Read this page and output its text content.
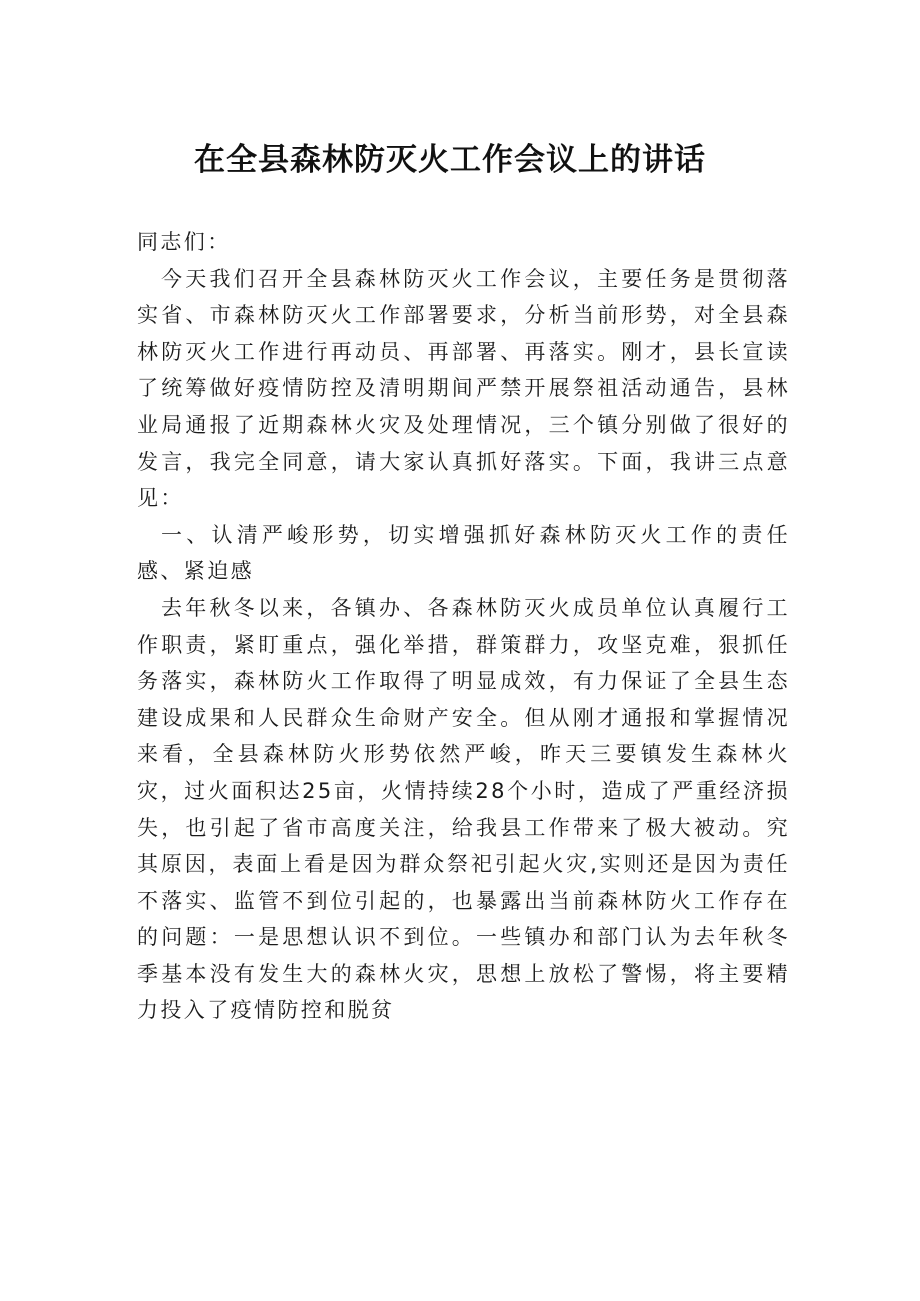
在全县森林防灭火工作会议上的讲话

同志们：

今天我们召开全县森林防灭火工作会议，主要任务是贯彻落实省、市森林防灭火工作部署要求，分析当前形势，对全县森林防灭火工作进行再动员、再部署、再落实。刚才，县长宣读了统筹做好疫情防控及清明期间严禁开展祭祖活动通告，县林业局通报了近期森林火灾及处理情况，三个镇分别做了很好的发言，我完全同意，请大家认真抓好落实。下面，我讲三点意见：

一、认清严峻形势，切实增强抓好森林防灭火工作的责任感、紧迫感

去年秋冬以来，各镇办、各森林防灭火成员单位认真履行工作职责，紧盯重点，强化举措，群策群力，攻坚克难，狠抓任务落实，森林防火工作取得了明显成效，有力保证了全县生态建设成果和人民群众生命财产安全。但从刚才通报和掌握情况来看，全县森林防火形势依然严峻，昨天三要镇发生森林火灾，过火面积达25亩，火情持续28个小时，造成了严重经济损失，也引起了省市高度关注，给我县工作带来了极大被动。究其原因，表面上看是因为群众祭祀引起火灾,实则还是因为责任不落实、监管不到位引起的，也暴露出当前森林防火工作存在的问题：一是思想认识不到位。一些镇办和部门认为去年秋冬季基本没有发生大的森林火灾，思想上放松了警惕，将主要精力投入了疫情防控和脱贫
